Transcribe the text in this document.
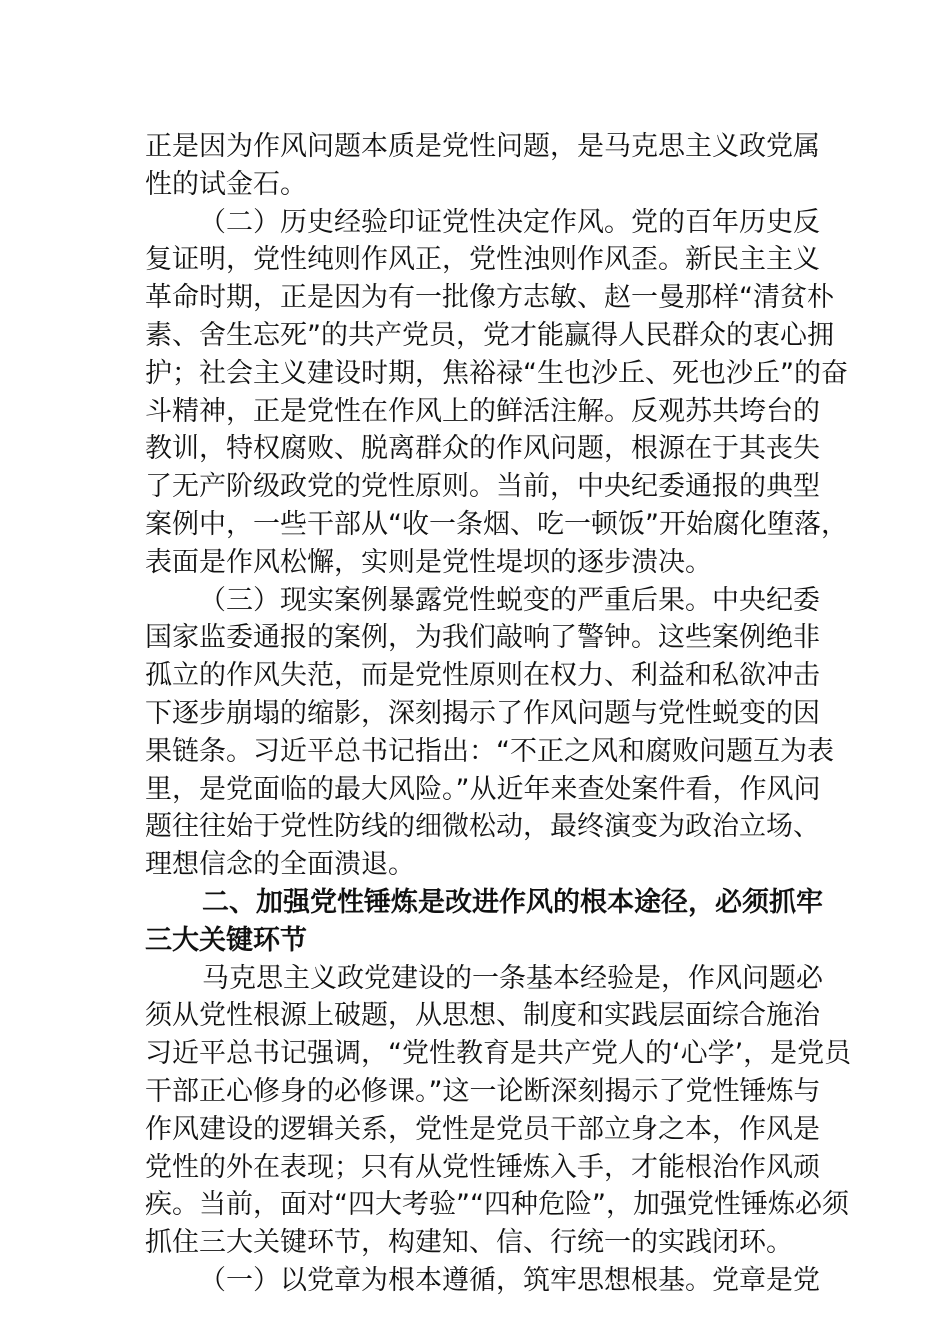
正是因为作风问题本质是党性问题，是马克思主义政党属
性的试金石。
（二）历史经验印证党性决定作风。党的百年历史反
复证明，党性纯则作风正，党性浊则作风歪。新民主主义
革命时期，正是因为有一批像方志敏、赵一曼那样“清贫朴
素、舍生忘死”的共产党员，党才能赢得人民群众的衷心拥
护；社会主义建设时期，焦裕禄“生也沙丘、死也沙丘”的奋
斗精神，正是党性在作风上的鲜活注解。反观苏共垮台的
教训，特权腐败、脱离群众的作风问题，根源在于其丧失
了无产阶级政党的党性原则。当前，中央纪委通报的典型
案例中，一些干部从“收一条烟、吃一顿饭”开始腐化堕落，
表面是作风松懈，实则是党性堤坝的逐步溃决。
（三）现实案例暴露党性蜕变的严重后果。中央纪委
国家监委通报的案例，为我们敲响了警钟。这些案例绝非
孤立的作风失范，而是党性原则在权力、利益和私欲冲击
下逐步崩塌的缩影，深刻揭示了作风问题与党性蜕变的因
果链条。习近平总书记指出：“不正之风和腐败问题互为表
里，是党面临的最大风险。”从近年来查处案件看，作风问
题往往始于党性防线的细微松动，最终演变为政治立场、
理想信念的全面溃退。
二、加强党性锤炼是改进作风的根本途径，必须抓牢
三大关键环节
马克思主义政党建设的一条基本经验是，作风问题必
须从党性根源上破题，从思想、制度和实践层面综合施治
习近平总书记强调，“党性教育是共产党人的‘心学’，是党员
干部正心修身的必修课。”这一论断深刻揭示了党性锤炼与
作风建设的逻辑关系，党性是党员干部立身之本，作风是
党性的外在表现；只有从党性锤炼入手，才能根治作风顽
疾。当前，面对“四大考验”“四种危险”，加强党性锤炼必须
抓住三大关键环节，构建知、信、行统一的实践闭环。
（一）以党章为根本遵循，筑牢思想根基。党章是党
